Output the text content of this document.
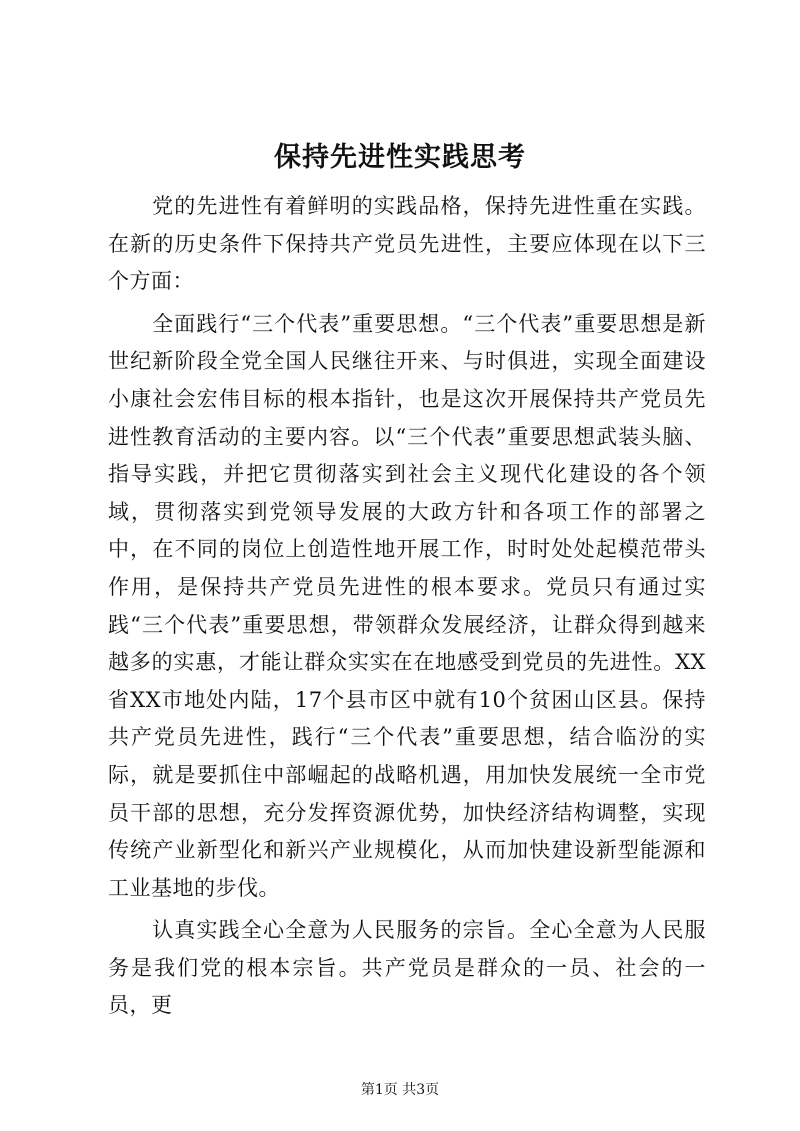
保持先进性实践思考

党的先进性有着鲜明的实践品格，保持先进性重在实践。在新的历史条件下保持共产党员先进性，主要应体现在以下三个方面：

全面践行“三个代表”重要思想。“三个代表”重要思想是新世纪新阶段全党全国人民继往开来、与时俱进，实现全面建设小康社会宏伟目标的根本指针，也是这次开展保持共产党员先进性教育活动的主要内容。以“三个代表”重要思想武装头脑、指导实践，并把它贯彻落实到社会主义现代化建设的各个领域，贯彻落实到党领导发展的大政方针和各项工作的部署之中，在不同的岗位上创造性地开展工作，时时处处起模范带头作用，是保持共产党员先进性的根本要求。党员只有通过实践“三个代表”重要思想，带领群众发展经济，让群众得到越来越多的实惠，才能让群众实实在在地感受到党员的先进性。XX省XX市地处内陆，17个县市区中就有10个贫困山区县。保持共产党员先进性，践行“三个代表”重要思想，结合临汾的实际，就是要抓住中部崛起的战略机遇，用加快发展统一全市党员干部的思想，充分发挥资源优势，加快经济结构调整，实现传统产业新型化和新兴产业规模化，从而加快建设新型能源和工业基地的步伐。

认真实践全心全意为人民服务的宗旨。全心全意为人民服务是我们党的根本宗旨。共产党员是群众的一员、社会的一员，更

第1页 共3页
